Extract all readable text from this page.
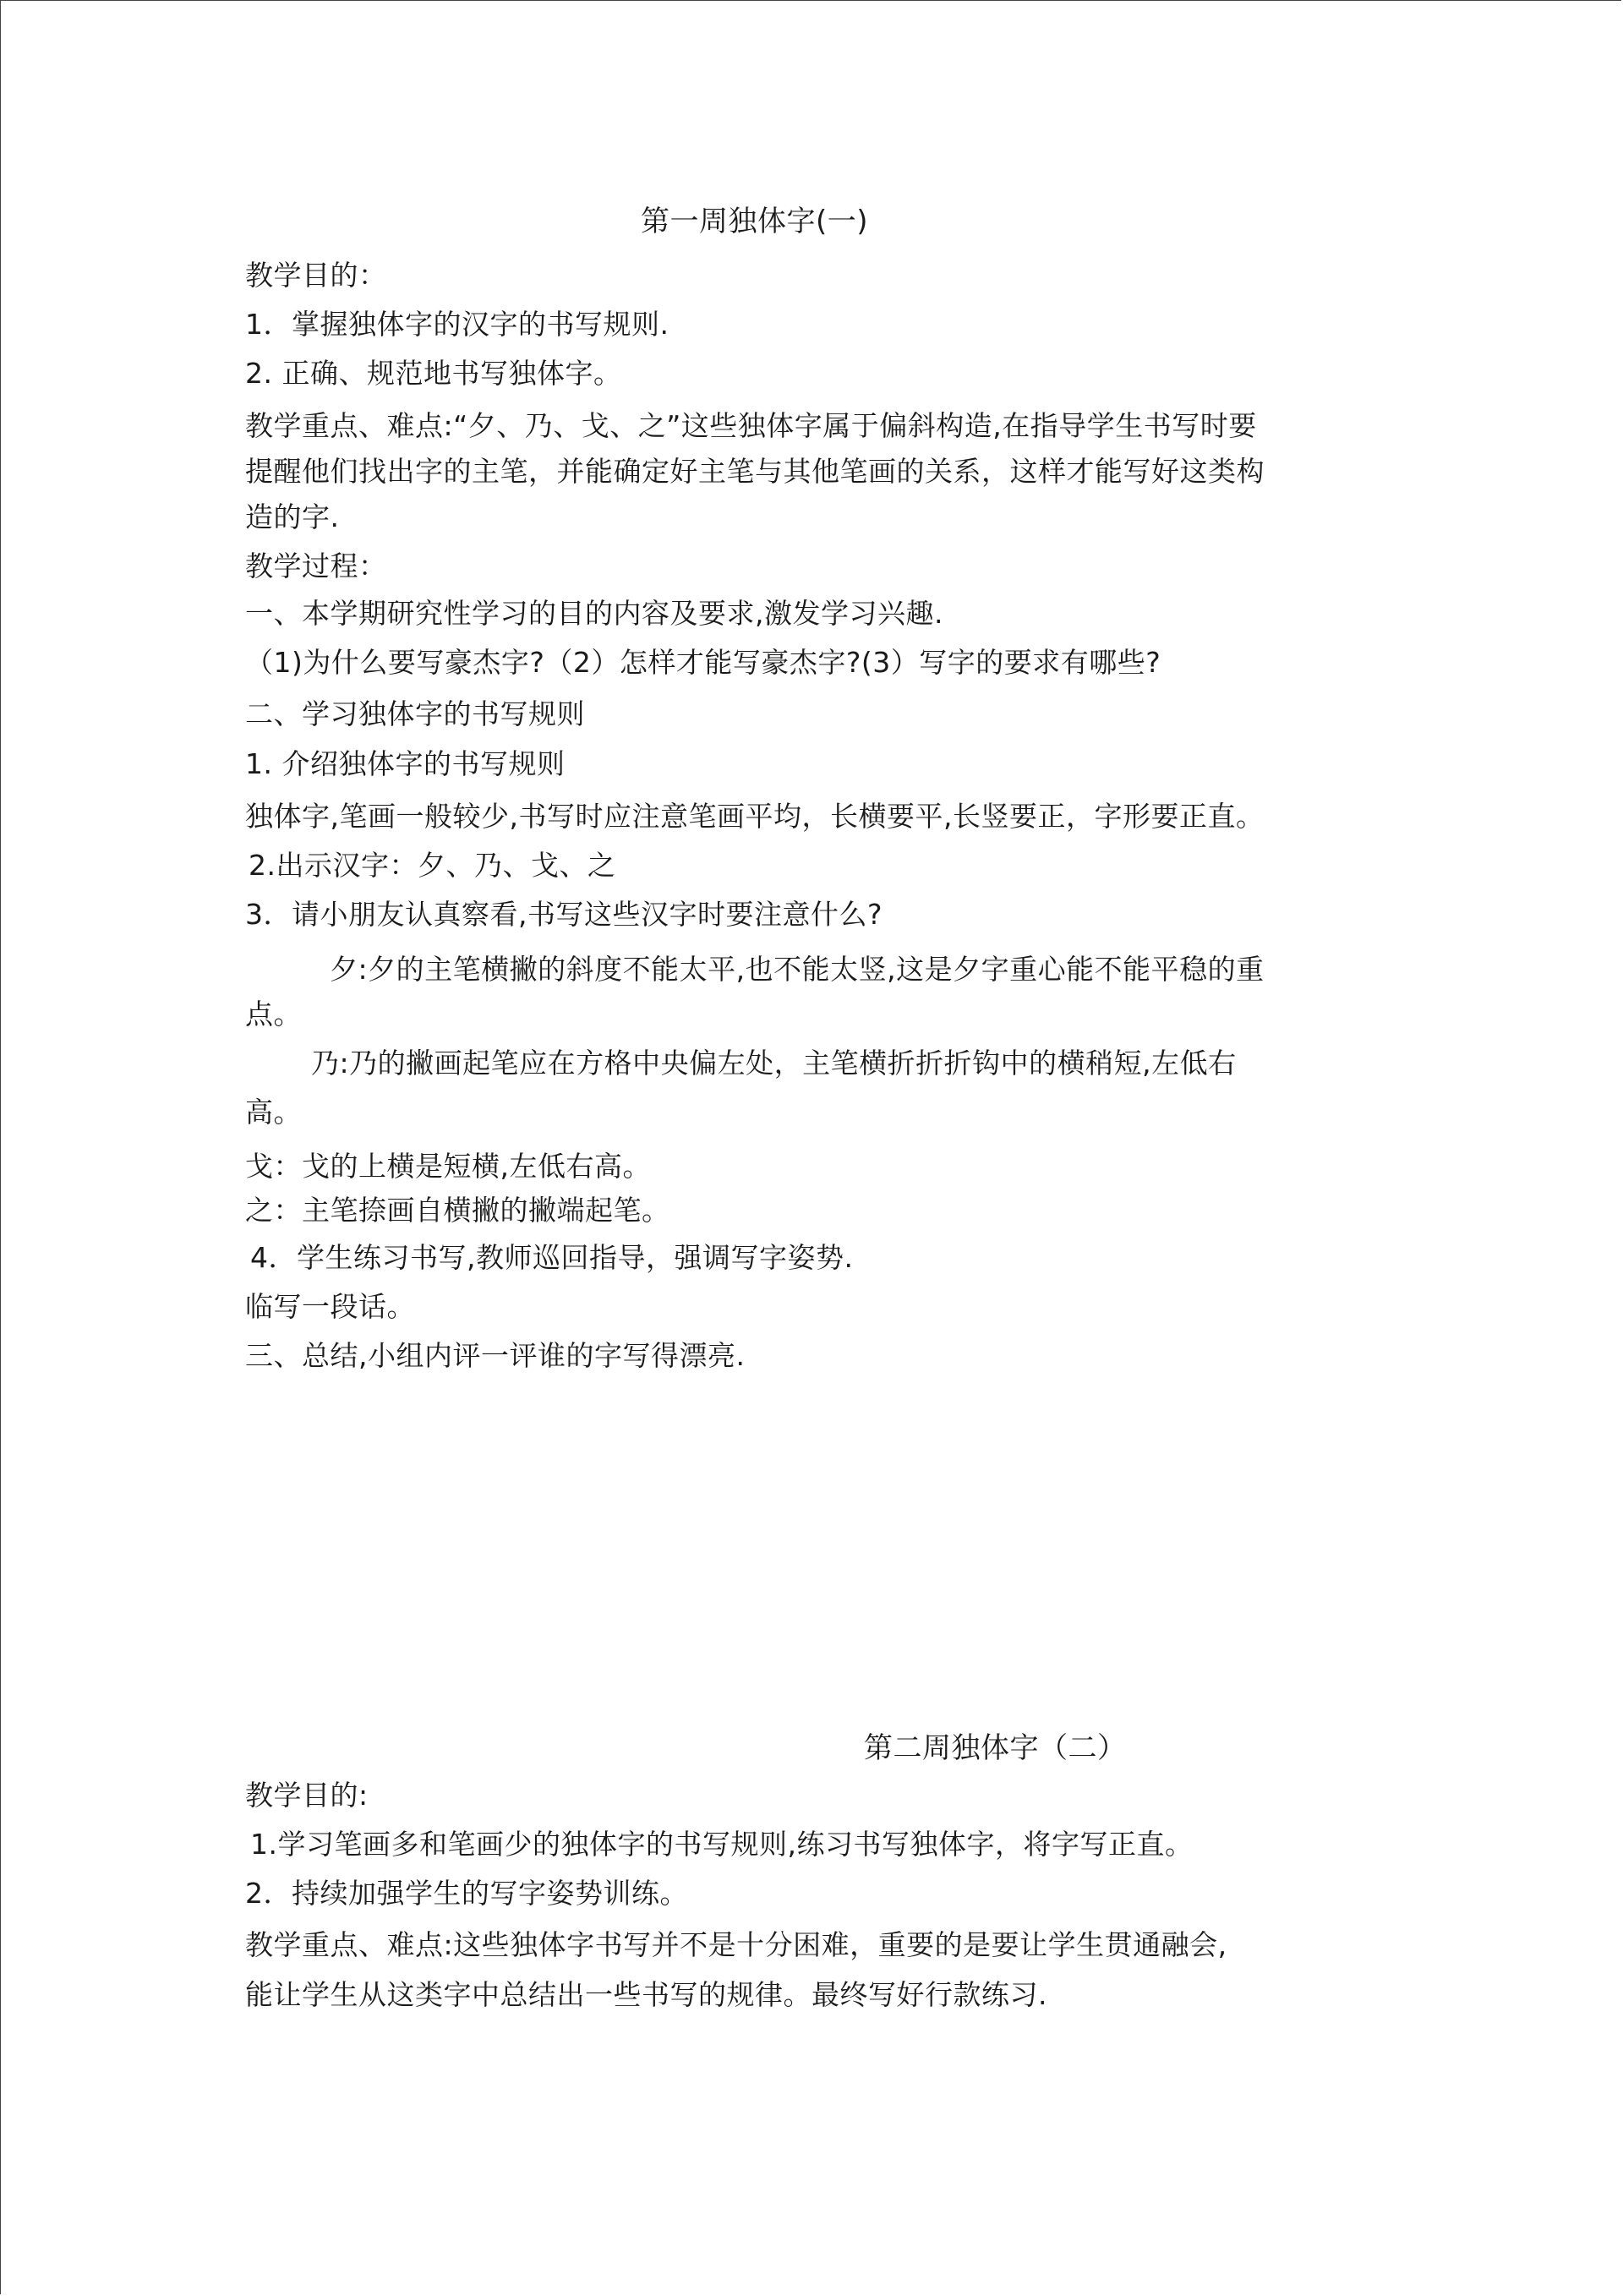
第一周独体字(一)
教学目的：
1．掌握独体字的汉字的书写规则.
2. 正确、规范地书写独体字。
教学重点、难点:“夕、乃、戈、之”这些独体字属于偏斜构造,在指导学生书写时要
提醒他们找出字的主笔，并能确定好主笔与其他笔画的关系，这样才能写好这类构
造的字.
教学过程：
一、本学期研究性学习的目的内容及要求,激发学习兴趣.
（1)为什么要写豪杰字?（2）怎样才能写豪杰字?(3）写字的要求有哪些?
二、学习独体字的书写规则
1. 介绍独体字的书写规则
独体字,笔画一般较少,书写时应注意笔画平均，长横要平,长竖要正，字形要正直。
2.出示汉字：夕、乃、戈、之
3．请小朋友认真察看,书写这些汉字时要注意什么?
夕:夕的主笔横撇的斜度不能太平,也不能太竖,这是夕字重心能不能平稳的重
点。
乃:乃的撇画起笔应在方格中央偏左处，主笔横折折折钩中的横稍短,左低右
高。
戈：戈的上横是短横,左低右高。
之：主笔捺画自横撇的撇端起笔。
4．学生练习书写,教师巡回指导，强调写字姿势.
临写一段话。
三、总结,小组内评一评谁的字写得漂亮.
第二周独体字（二）
教学目的:
1.学习笔画多和笔画少的独体字的书写规则,练习书写独体字，将字写正直。
2．持续加强学生的写字姿势训练。
教学重点、难点:这些独体字书写并不是十分困难，重要的是要让学生贯通融会,
能让学生从这类字中总结出一些书写的规律。最终写好行款练习.
